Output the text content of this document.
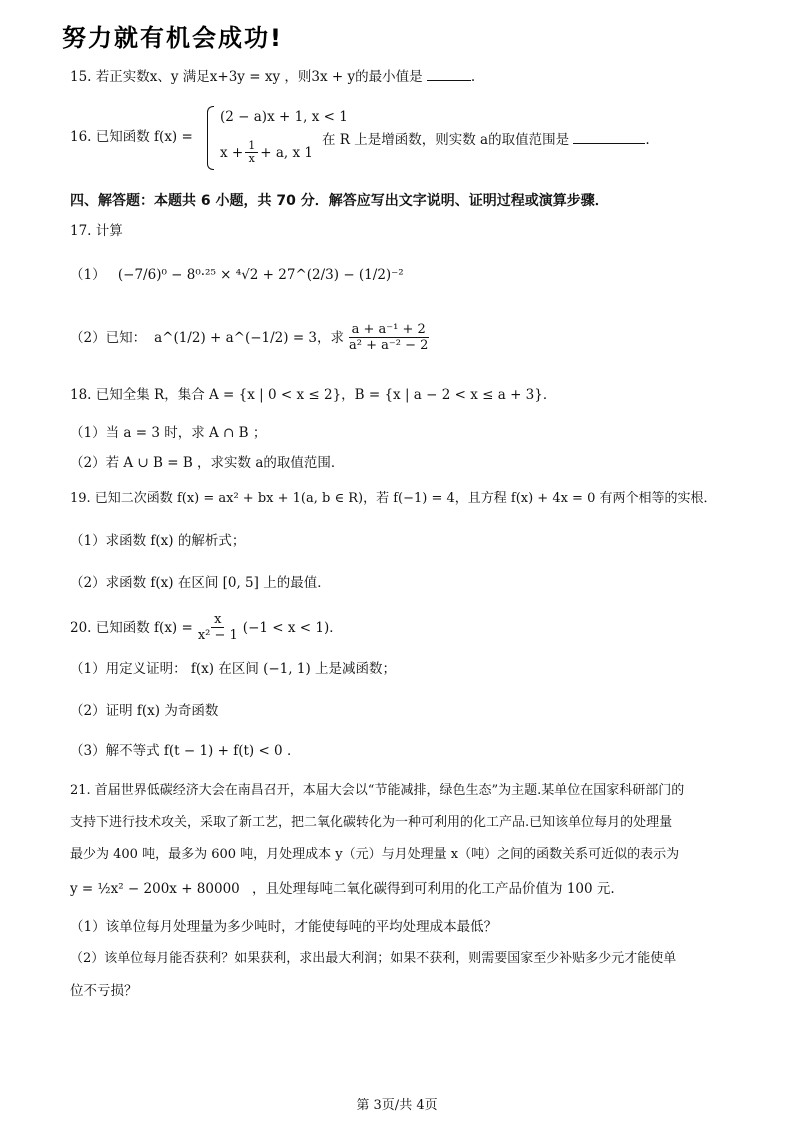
努力就有机会成功!
15. 若正实数x、y 满足x+3y = xy ，则3x + y的最小值是	.
16. 已知函数 f(x) =
(2 − a)x + 1, x < 1
$x + \frac{1}{x} + a$, x 1
在 R 上是增函数，则实数 a的取值范围是	.
四、解答题：本题共 6 小题，共 70 分．解答应写出文字说明、证明过程或演算步骤．
17. 计算
（1） (−7/6)⁰ − 8⁰·²⁵ × ⁴√2 + 27^(2/3) − (1/2)⁻²
（2）已知： a^(1/2) + a^(−1/2) = 3 ，求 $\frac{\text{a + a⁻¹ + 2}}{\text{a² + a⁻² − 2}}$
18. 已知全集 R，集合 A = {x | 0 < x ≤ 2}，B = {x | a − 2 < x ≤ a + 3}．
（1）当 a = 3 时，求 A ∩ B ；
（2）若 A ∪ B = B ，求实数 a的取值范围．
19. 已知二次函数 f(x) = ax² + bx + 1(a, b ∈ R)，若 f(−1) = 4，且方程 f(x) + 4x = 0 有两个相等的实根．
（1）求函数 f(x) 的解析式；
（2）求函数 f(x) 在区间 [0, 5] 上的最值．
20. 已知函数 $f(x) = \frac{x}{\text{x² − 1}} (-1 < x < 1)$．
（1）用定义证明： f(x) 在区间 (−1, 1) 上是减函数；
（2）证明 f(x) 为奇函数
（3）解不等式 f(t − 1) + f(t) < 0 ．
21. 首届世界低碳经济大会在南昌召开，本届大会以“节能减排，绿色生态”为主题.某单位在国家科研部门的
支持下进行技术攻关，采取了新工艺，把二氧化碳转化为一种可利用的化工产品.已知该单位每月的处理量
最少为 400 吨，最多为 600 吨，月处理成本 y（元）与月处理量 x（吨）之间的函数关系可近似的表示为
y = ½x² − 200x + 80000 ，且处理每吨二氧化碳得到可利用的化工产品价值为 100 元.
（1）该单位每月处理量为多少吨时，才能使每吨的平均处理成本最低？
（2）该单位每月能否获利？如果获利，求出最大利润；如果不获利，则需要国家至少补贴多少元才能使单
位不亏损？
第 3页/共 4页
